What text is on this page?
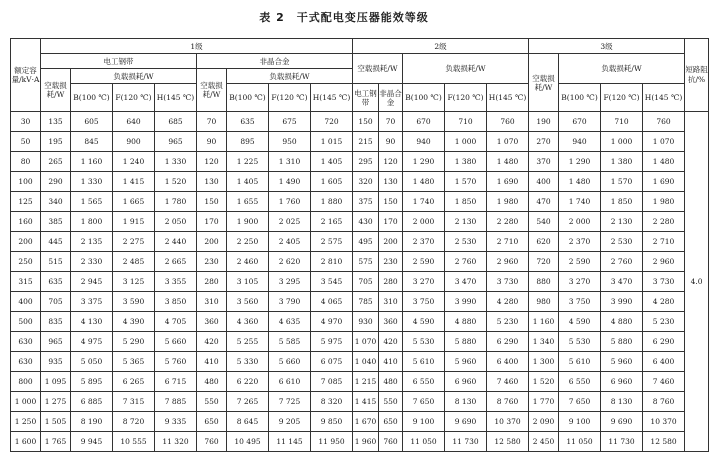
表 2　干式配电变压器能效等级
额定容量/kV·A	1级								2级					3级				短路阻抗/%
	电工钢带				非晶合金				空载损耗/W		负载损耗/W			空载损耗/W	负载损耗/W			
	空载损耗/W	负载损耗/W			空载损耗/W	负载损耗/W												
		B(100 ℃)	F(120 ℃)	H(145 ℃)		B(100 ℃)	F(120 ℃)	H(145 ℃)	电工钢带	非晶合金	B(100 ℃)	F(120 ℃)	H(145 ℃)		B(100 ℃)	F(120 ℃)	H(145 ℃)	
30	135	605	640	685	70	635	675	720	150	70	670	710	760	190	670	710	760	4.0
50	195	845	900	965	90	895	950	1 015	215	90	940	1 000	1 070	270	940	1 000	1 070	
80	265	1 160	1 240	1 330	120	1 225	1 310	1 405	295	120	1 290	1 380	1 480	370	1 290	1 380	1 480	
100	290	1 330	1 415	1 520	130	1 405	1 490	1 605	320	130	1 480	1 570	1 690	400	1 480	1 570	1 690	
125	340	1 565	1 665	1 780	150	1 655	1 760	1 880	375	150	1 740	1 850	1 980	470	1 740	1 850	1 980	
160	385	1 800	1 915	2 050	170	1 900	2 025	2 165	430	170	2 000	2 130	2 280	540	2 000	2 130	2 280	
200	445	2 135	2 275	2 440	200	2 250	2 405	2 575	495	200	2 370	2 530	2 710	620	2 370	2 530	2 710	
250	515	2 330	2 485	2 665	230	2 460	2 620	2 810	575	230	2 590	2 760	2 960	720	2 590	2 760	2 960	
315	635	2 945	3 125	3 355	280	3 105	3 295	3 545	705	280	3 270	3 470	3 730	880	3 270	3 470	3 730	
400	705	3 375	3 590	3 850	310	3 560	3 790	4 065	785	310	3 750	3 990	4 280	980	3 750	3 990	4 280	
500	835	4 130	4 390	4 705	360	4 360	4 635	4 970	930	360	4 590	4 880	5 230	1 160	4 590	4 880	5 230	
630	965	4 975	5 290	5 660	420	5 255	5 585	5 975	1 070	420	5 530	5 880	6 290	1 340	5 530	5 880	6 290	
630	935	5 050	5 365	5 760	410	5 330	5 660	6 075	1 040	410	5 610	5 960	6 400	1 300	5 610	5 960	6 400	
800	1 095	5 895	6 265	6 715	480	6 220	6 610	7 085	1 215	480	6 550	6 960	7 460	1 520	6 550	6 960	7 460	
1 000	1 275	6 885	7 315	7 885	550	7 265	7 725	8 320	1 415	550	7 650	8 130	8 760	1 770	7 650	8 130	8 760	
1 250	1 505	8 190	8 720	9 335	650	8 645	9 205	9 850	1 670	650	9 100	9 690	10 370	2 090	9 100	9 690	10 370	
1 600	1 765	9 945	10 555	11 320	760	10 495	11 145	11 950	1 960	760	11 050	11 730	12 580	2 450	11 050	11 730	12 580	
